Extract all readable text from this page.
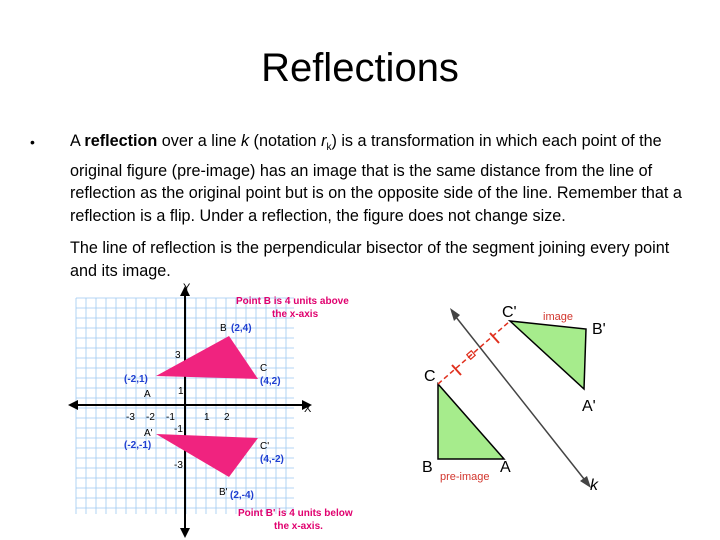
Reflections
• A reflection over a line k (notation $r_k$) is a transformation in which each point of the original figure (pre-image) has an image that is the same distance from the line of reflection as the original point but is on the opposite side of the line. Remember that a reflection is a flip. Under a reflection, the figure does not change size.
The line of reflection is the perpendicular bisector of the segment joining every point and its image.
Y
X
3
1
1 2
-3 -2 -1
-1
-3
Point B is 4 units above
the x-axis
Point B' is 4 units below
the x-axis.
B (2,4)
C
(4,2)
(-2,1)
A
A'
(-2,-1)	C'
(4,-2)
B' (2,-4)
C' image
B'
A'
C
B
pre-image
A
k
